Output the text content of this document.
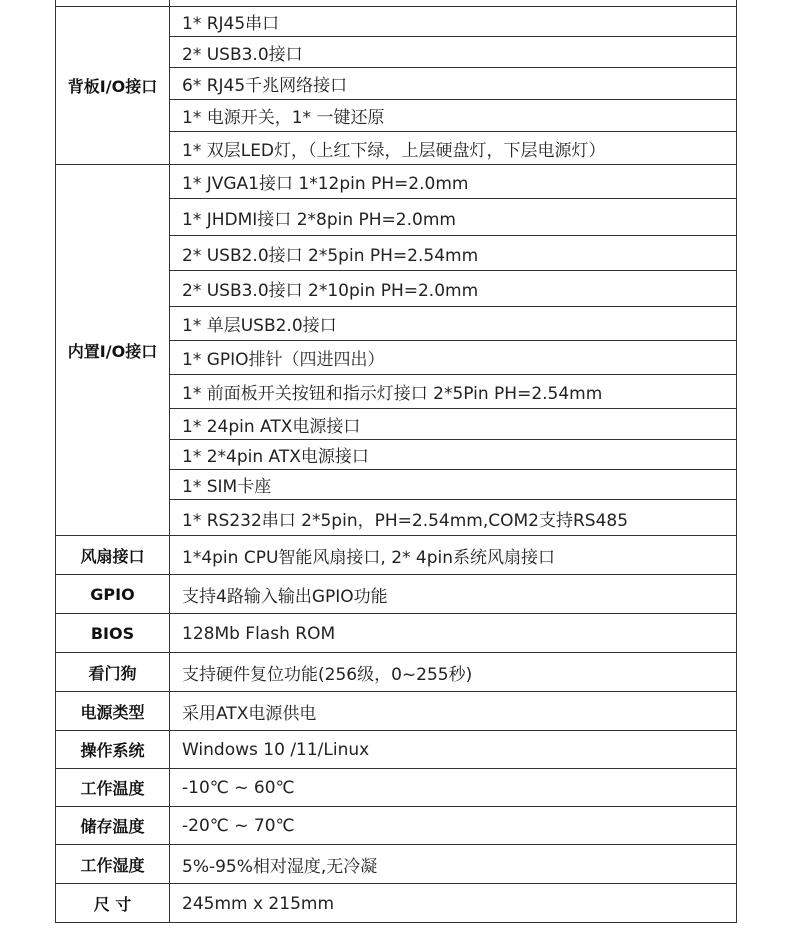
背板I/O接口
1* RJ45串口
2* USB3.0接口
6* RJ45千兆网络接口
1* 电源开关，1* 一键还原
1* 双层LED灯，（上红下绿，上层硬盘灯，下层电源灯）
内置I/O接口
1* JVGA1接口 1*12pin PH=2.0mm
1* JHDMI接口 2*8pin PH=2.0mm
2* USB2.0接口 2*5pin PH=2.54mm
2* USB3.0接口 2*10pin PH=2.0mm
1* 单层USB2.0接口
1* GPIO排针（四进四出）
1* 前面板开关按钮和指示灯接口 2*5Pin PH=2.54mm
1* 24pin ATX电源接口
1* 2*4pin ATX电源接口
1* SIM卡座
1* RS232串口 2*5pin，PH=2.54mm,COM2支持RS485
风扇接口	1*4pin CPU智能风扇接口, 2* 4pin系统风扇接口
GPIO	支持4路输入输出GPIO功能
BIOS	128Mb Flash ROM
看门狗	支持硬件复位功能(256级，0~255秒)
电源类型	采用ATX电源供电
操作系统	Windows 10 /11/Linux
工作温度	-10℃ ~ 60℃
储存温度	-20℃ ~ 70℃
工作湿度	5%-95%相对湿度,无冷凝
尺 寸	245mm x 215mm
